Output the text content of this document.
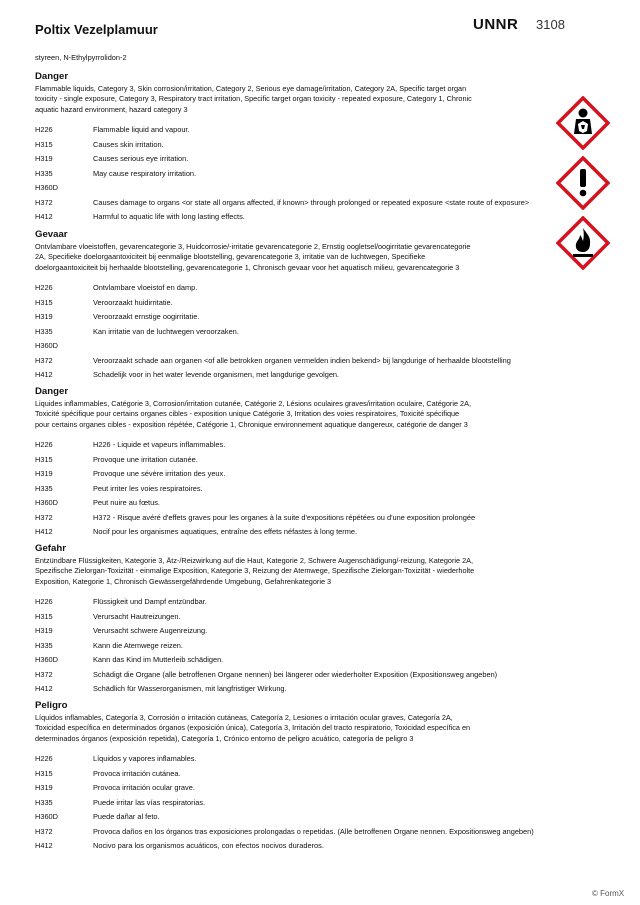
Poltix Vezelplamuur	UNNR 3108
styreen, N-Ethylpyrrolidon-2

Danger
Flammable liquids, Category 3, Skin corrosion/irritation, Category 2, Serious eye damage/irritation, Category 2A, Specific target organ
toxicity - single exposure, Category 3, Respiratory tract irritation, Specific target organ toxicity - repeated exposure, Category 1, Chronic
aquatic hazard environment, hazard category 3
H226	Flammable liquid and vapour.
H315	Causes skin irritation.
H319	Causes serious eye irritation.
H335	May cause respiratory irritation.
H360D
H372	Causes damage to organs <or state all organs affected, if known> through prolonged or repeated exposure <state route of exposure>
H412	Harmful to aquatic life with long lasting effects.
Gevaar
Ontvlambare vloeistoffen, gevarencategorie 3, Huidcorrosie/-irritatie gevarencategorie 2, Ernstig oogletsel/oogirritatie gevarencategorie
2A, Specifieke doelorgaantoxiciteit bij eenmalige blootstelling, gevarencategorie 3, irritatie van de luchtwegen, Specifieke
doelorgaantoxiciteit bij herhaalde blootstelling, gevarencategorie 1, Chronisch gevaar voor het aquatisch milieu, gevarencategorie 3
H226	Ontvlambare vloeistof en damp.
H315	Veroorzaakt huidirritatie.
H319	Veroorzaakt ernstige oogirritatie.
H335	Kan irritatie van de luchtwegen veroorzaken.
H360D
H372	Veroorzaakt schade aan organen <of alle betrokken organen vermelden indien bekend> bij langdurige of herhaalde blootstelling
H412	Schadelijk voor in het water levende organismen, met langdurige gevolgen.
Danger
Liquides inflammables, Catégorie 3, Corrosion/irritation cutanée, Catégorie 2, Lésions oculaires graves/irritation oculaire, Catégorie 2A,
Toxicité spécifique pour certains organes cibles - exposition unique Catégorie 3, Irritation des voies respiratoires, Toxicité spécifique
pour certains organes cibles - exposition répétée, Catégorie 1, Chronique environnement aquatique dangereux, catégorie de danger 3
H226	H226 - Liquide et vapeurs inflammables.
H315	Provoque une irritation cutanée.
H319	Provoque une sévère irritation des yeux.
H335	Peut irriter les voies respiratoires.
H360D	Peut nuire au fœtus.
H372	H372 - Risque avéré d'effets graves pour les organes à la suite d'expositions répétées ou d'une exposition prolongée
H412	Nocif pour les organismes aquatiques, entraîne des effets néfastes à long terme.
Gefahr
Entzündbare Flüssigkeiten, Kategorie 3, Ätz-/Reizwirkung auf die Haut, Kategorie 2, Schwere Augenschädigung/-reizung, Kategorie 2A,
Spezifische Zielorgan-Toxizität - einmalige Exposition, Kategorie 3, Reizung der Atemwege, Spezifische Zielorgan-Toxizität - wiederholte
Exposition, Kategorie 1, Chronisch Gewässergefährdende Umgebung, Gefahrenkategorie 3
H226	Flüssigkeit und Dampf entzündbar.
H315	Verursacht Hautreizungen.
H319	Verursacht schwere Augenreizung.
H335	Kann die Atemwege reizen.
H360D	Kann das Kind im Mutterleib schädigen.
H372	Schädigt die Organe (alle betroffenen Organe nennen) bei längerer oder wiederholter Exposition (Expositionsweg angeben)
H412	Schädlich für Wasserorganismen, mit langfristiger Wirkung.
Peligro
Líquidos inflamables, Categoría 3, Corrosión o irritación cutáneas, Categoría 2, Lesiones o irritación ocular graves, Categoría 2A,
Toxicidad específica en determinados órganos (exposición única), Categoría 3, Irritación del tracto respiratorio, Toxicidad específica en
determinados órganos (exposición repetida), Categoría 1, Crónico entorno de peligro acuático, categoría de peligro 3
H226	Líquidos y vapores inflamables.
H315	Provoca irritación cutánea.
H319	Provoca irritación ocular grave.
H335	Puede irritar las vías respiratorias.
H360D	Puede dañar al feto.
H372	Provoca daños en los órganos tras exposiciones prolongadas o repetidas. (Alle betroffenen Organe nennen. Expositionsweg angeben)
H412	Nocivo para los organismos acuáticos, con efectos nocivos duraderos.
© FormX
